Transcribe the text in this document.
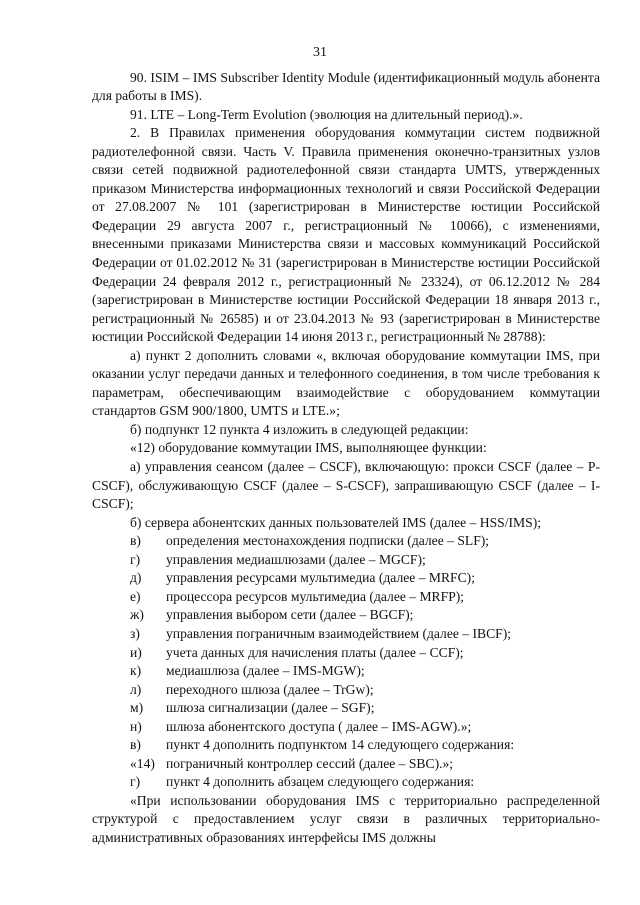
31

90. ISIM – IMS Subscriber Identity Module (идентификационный модуль абонента для работы в IMS).

91. LTE – Long-Term Evolution (эволюция на длительный период).».

2. В Правилах применения оборудования коммутации систем подвижной радиотелефонной связи. Часть V. Правила применения оконечно-транзитных узлов связи сетей подвижной радиотелефонной связи стандарта UMTS, утвержденных приказом Министерства информационных технологий и связи Российской Федерации от 27.08.2007 № 101 (зарегистрирован в Министерстве юстиции Российской Федерации 29 августа 2007 г., регистрационный № 10066), с изменениями, внесенными приказами Министерства связи и массовых коммуникаций Российской Федерации от 01.02.2012 № 31 (зарегистрирован в Министерстве юстиции Российской Федерации 24 февраля 2012 г., регистрационный № 23324), от 06.12.2012 № 284 (зарегистрирован в Министерстве юстиции Российской Федерации 18 января 2013 г., регистрационный № 26585) и от 23.04.2013 № 93 (зарегистрирован в Министерстве юстиции Российской Федерации 14 июня 2013 г., регистрационный № 28788):

а) пункт 2 дополнить словами «, включая оборудование коммутации IMS, при оказании услуг передачи данных и телефонного соединения, в том числе требования к параметрам, обеспечивающим взаимодействие с оборудованием коммутации стандартов GSM 900/1800, UMTS и LTE.»;

б) подпункт 12 пункта 4 изложить в следующей редакции:

«12) оборудование коммутации IMS, выполняющее функции:

а) управления сеансом (далее – CSCF), включающую: прокси CSCF (далее – P-CSCF), обслуживающую CSCF (далее – S-CSCF), запрашивающую CSCF (далее – I-CSCF);

б) сервера абонентских данных пользователей IMS (далее – HSS/IMS);

в)	определения местонахождения подписки (далее – SLF);
г)	управления медиашлюзами (далее – MGCF);
д)	управления ресурсами мультимедиа (далее – MRFC);
е)	процессора ресурсов мультимедиа (далее – MRFP);
ж)	управления выбором сети (далее – BGCF);
з)	управления пограничным взаимодействием (далее – IBCF);
и)	учета данных для начисления платы (далее – CCF);
к)	медиашлюза (далее – IMS-MGW);
л)	переходного шлюза (далее – TrGw);
м)	шлюза сигнализации (далее – SGF);
н)	шлюза абонентского доступа ( далее – IMS-AGW).»;
в)	пункт 4 дополнить подпунктом 14 следующего содержания:
«14) пограничный контроллер сессий (далее – SBC).»;
г)	пункт 4 дополнить абзацем следующего содержания:

«При использовании оборудования IMS с территориально распределенной структурой с предоставлением услуг связи в различных территориально-административных образованиях интерфейсы IMS должны
